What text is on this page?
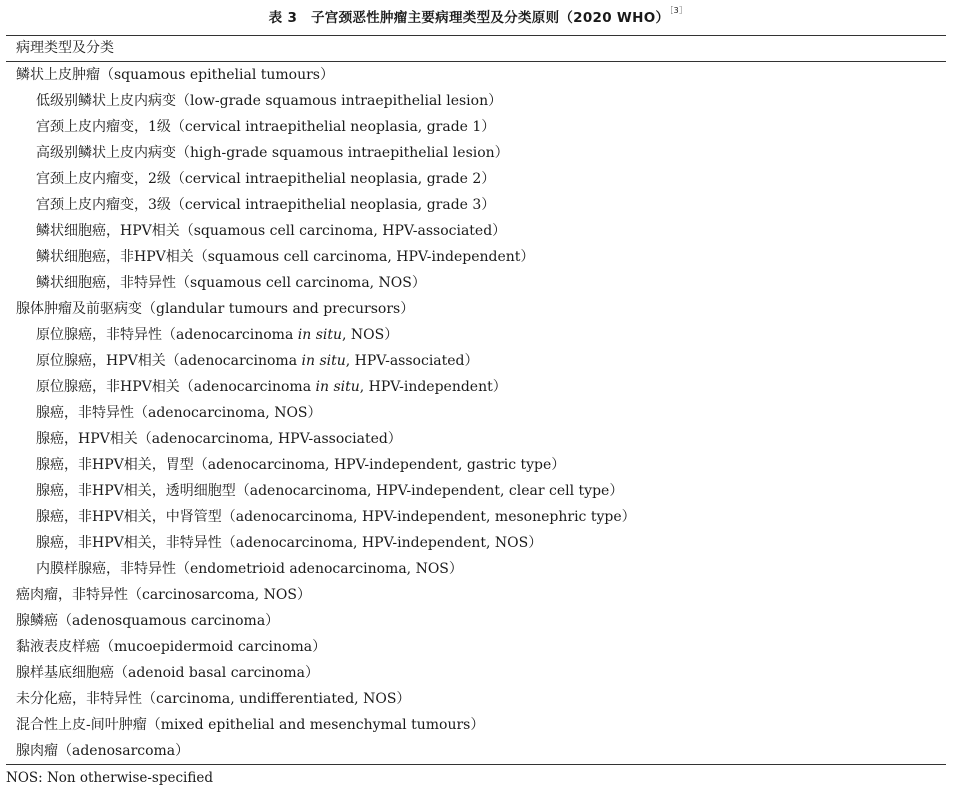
表 3　子宫颈恶性肿瘤主要病理类型及分类原则（2020 WHO）$^{[3]}$
病理类型及分类
鳞状上皮肿瘤（squamous epithelial tumours）
低级别鳞状上皮内病变（low-grade squamous intraepithelial lesion）
宫颈上皮内瘤变，1级（cervical intraepithelial neoplasia, grade 1）
高级别鳞状上皮内病变（high-grade squamous intraepithelial lesion）
宫颈上皮内瘤变，2级（cervical intraepithelial neoplasia, grade 2）
宫颈上皮内瘤变，3级（cervical intraepithelial neoplasia, grade 3）
鳞状细胞癌，HPV相关（squamous cell carcinoma, HPV-associated）
鳞状细胞癌，非HPV相关（squamous cell carcinoma, HPV-independent）
鳞状细胞癌，非特异性（squamous cell carcinoma, NOS）
腺体肿瘤及前驱病变（glandular tumours and precursors）
原位腺癌，非特异性（adenocarcinoma in situ, NOS）
原位腺癌，HPV相关（adenocarcinoma in situ, HPV-associated）
原位腺癌，非HPV相关（adenocarcinoma in situ, HPV-independent）
腺癌，非特异性（adenocarcinoma, NOS）
腺癌，HPV相关（adenocarcinoma, HPV-associated）
腺癌，非HPV相关，胃型（adenocarcinoma, HPV-independent, gastric type）
腺癌，非HPV相关，透明细胞型（adenocarcinoma, HPV-independent, clear cell type）
腺癌，非HPV相关，中肾管型（adenocarcinoma, HPV-independent, mesonephric type）
腺癌，非HPV相关，非特异性（adenocarcinoma, HPV-independent, NOS）
内膜样腺癌，非特异性（endometrioid adenocarcinoma, NOS）
癌肉瘤，非特异性（carcinosarcoma, NOS）
腺鳞癌（adenosquamous carcinoma）
黏液表皮样癌（mucoepidermoid carcinoma）
腺样基底细胞癌（adenoid basal carcinoma）
未分化癌，非特异性（carcinoma, undifferentiated, NOS）
混合性上皮-间叶肿瘤（mixed epithelial and mesenchymal tumours）
腺肉瘤（adenosarcoma）
NOS: Non otherwise-specified
